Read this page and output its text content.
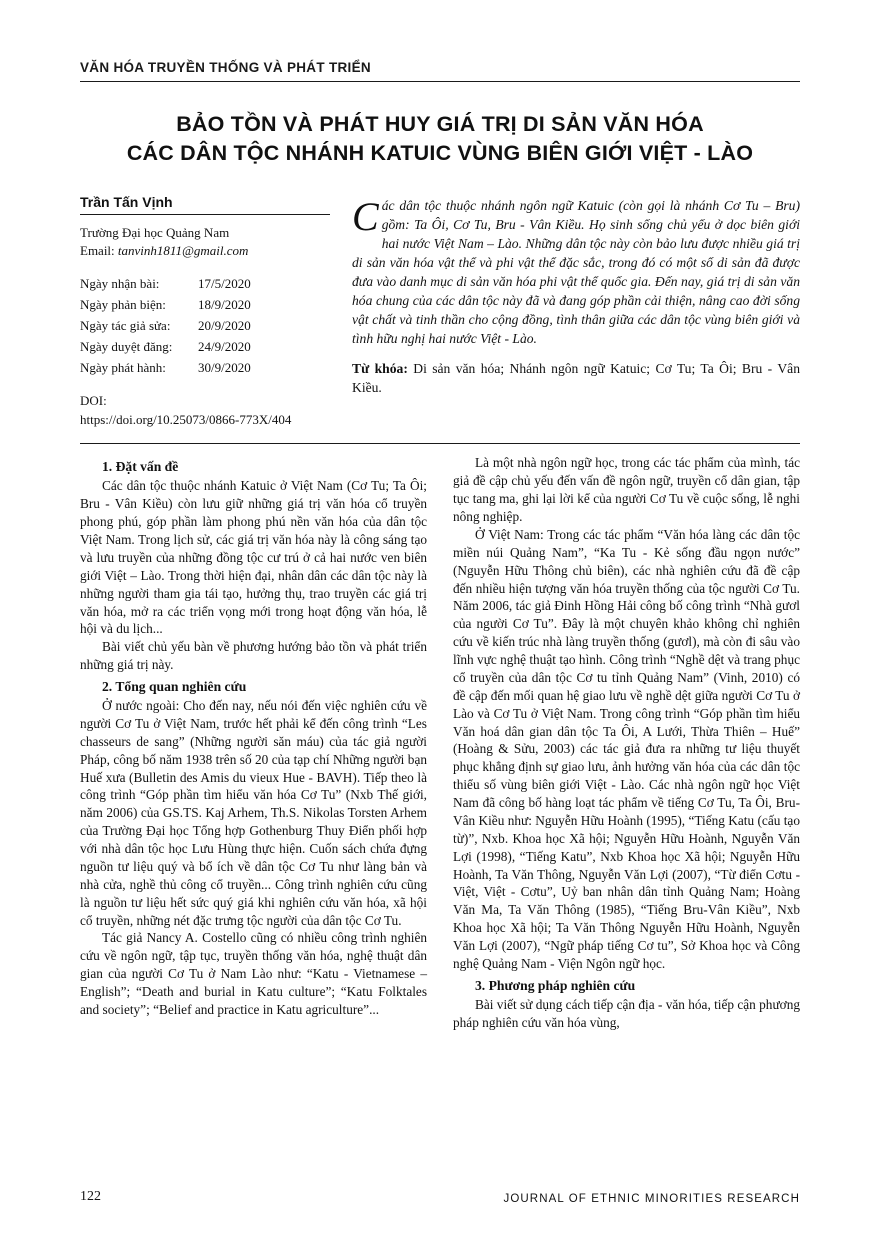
VĂN HÓA TRUYỀN THỐNG VÀ PHÁT TRIỂN
BẢO TỒN VÀ PHÁT HUY GIÁ TRỊ DI SẢN VĂN HÓA
CÁC DÂN TỘC NHÁNH KATUIC VÙNG BIÊN GIỚI VIỆT - LÀO
Trần Tấn Vịnh
Trường Đại học Quảng Nam
Email: tanvinh1811@gmail.com
Ngày nhận bài:	17/5/2020
Ngày phản biện:	18/9/2020
Ngày tác giả sửa:	20/9/2020
Ngày duyệt đăng:	24/9/2020
Ngày phát hành:	30/9/2020
DOI:
https://doi.org/10.25073/0866-773X/404
Các dân tộc thuộc nhánh ngôn ngữ Katuic (còn gọi là nhánh Cơ Tu – Bru) gồm: Ta Ôi, Cơ Tu, Bru - Vân Kiều. Họ sinh sống chủ yếu ở dọc biên giới hai nước Việt Nam – Lào. Những dân tộc này còn bảo lưu được nhiều giá trị di sản văn hóa vật thể và phi vật thể đặc sắc, trong đó có một số di sản đã được đưa vào danh mục di sản văn hóa phi vật thể quốc gia. Đến nay, giá trị di sản văn hóa chung của các dân tộc này đã và đang góp phần cải thiện, nâng cao đời sống vật chất và tinh thần cho cộng đồng, tình thân giữa các dân tộc vùng biên giới và tình hữu nghị hai nước Việt - Lào.
Từ khóa: Di sản văn hóa; Nhánh ngôn ngữ Katuic; Cơ Tu; Ta Ôi; Bru - Vân Kiều.
1. Đặt vấn đề

Các dân tộc thuộc nhánh Katuic ở Việt Nam (Cơ Tu; Ta Ôi; Bru - Vân Kiều) còn lưu giữ những giá trị văn hóa cổ truyền phong phú, góp phần làm phong phú nền văn hóa của dân tộc Việt Nam. Trong lịch sử, các giá trị văn hóa này là công sáng tạo và lưu truyền của những đồng tộc cư trú ở cả hai nước ven biên giới Việt – Lào. Trong thời hiện đại, nhân dân các dân tộc này là những người tham gia tái tạo, hưởng thụ, trao truyền các giá trị văn hóa, mở ra các triển vọng mới trong hoạt động văn hóa, lễ hội và du lịch...

Bài viết chủ yếu bàn về phương hướng bảo tồn và phát triển những giá trị này.

2. Tổng quan nghiên cứu

Ở nước ngoài: Cho đến nay, nếu nói đến việc nghiên cứu về người Cơ Tu ở Việt Nam, trước hết phải kể đến công trình “Les chasseurs de sang” (Những người săn máu) của tác giả người Pháp, công bố năm 1938 trên số 20 của tạp chí Những người bạn Huế xưa (Bulletin des Amis du vieux Hue - BAVH). Tiếp theo là công trình “Góp phần tìm hiểu văn hóa Cơ Tu” (Nxb Thế giới, năm 2006) của GS.TS. Kaj Arhem, Th.S. Nikolas Torsten Arhem của Trường Đại học Tổng hợp Gothenburg Thuy Điển phối hợp với nhà dân tộc học Lưu Hùng thực hiện. Cuốn sách chứa đựng nguồn tư liệu quý và bổ ích về dân tộc Cơ Tu như làng bản và nhà cửa, nghề thủ công cổ truyền... Công trình nghiên cứu cũng là nguồn tư liệu hết sức quý giá khi nghiên cứu văn hóa, xã hội cổ truyền, những nét đặc trưng tộc người của dân tộc Cơ Tu.

Tác giả Nancy A. Costello cũng có nhiều công trình nghiên cứu về ngôn ngữ, tập tục, truyền thống văn hóa, nghệ thuật dân gian của người Cơ Tu ở Nam Lào như: “Katu - Vietnamese – English”; “Death and burial in Katu culture”; “Katu Folktales and society”; “Belief and practice in Katu agriculture”...

Là một nhà ngôn ngữ học, trong các tác phẩm của mình, tác giả đề cập chủ yếu đến vấn đề ngôn ngữ, truyền cổ dân gian, tập tục tang ma, ghi lại lời kể của người Cơ Tu về cuộc sống, lễ nghi nông nghiệp.

Ở Việt Nam: Trong các tác phẩm “Văn hóa làng các dân tộc miền núi Quảng Nam”, “Ka Tu - Kẻ sống đầu ngọn nước” (Nguyễn Hữu Thông chủ biên), các nhà nghiên cứu đã đề cập đến nhiều hiện tượng văn hóa truyền thống của tộc người Cơ Tu. Năm 2006, tác giả Đinh Hồng Hải công bố công trình “Nhà gươl của người Cơ Tu”. Đây là một chuyên khảo không chỉ nghiên cứu về kiến trúc nhà làng truyền thống (gươl), mà còn đi sâu vào lĩnh vực nghệ thuật tạo hình. Công trình “Nghề dệt và trang phục cổ truyền của dân tộc Cơ tu tỉnh Quảng Nam” (Vinh, 2010) có đề cập đến mối quan hệ giao lưu về nghề dệt giữa người Cơ Tu ở Lào và Cơ Tu ở Việt Nam. Trong công trình “Góp phần tìm hiểu Văn hoá dân gian dân tộc Ta Ôi, A Lưới, Thừa Thiên – Huế” (Hoàng & Sửu, 2003) các tác giả đưa ra những tư liệu thuyết phục khẳng định sự giao lưu, ảnh hưởng văn hóa của các dân tộc thiểu số vùng biên giới Việt - Lào. Các nhà ngôn ngữ học Việt Nam đã công bố hàng loạt tác phẩm về tiếng Cơ Tu, Ta Ôi, Bru-Vân Kiều như: Nguyễn Hữu Hoành (1995), “Tiếng Katu (cấu tạo từ)”, Nxb. Khoa học Xã hội; Nguyễn Hữu Hoành, Nguyễn Văn Lợi (1998), “Tiếng Katu”, Nxb Khoa học Xã hội; Nguyễn Hữu Hoành, Ta Văn Thông, Nguyễn Văn Lợi (2007), “Từ điển Cơtu - Việt, Việt - Cơtu”, Uỷ ban nhân dân tỉnh Quảng Nam; Hoàng Văn Ma, Ta Văn Thông (1985), “Tiếng Bru-Vân Kiều”, Nxb Khoa học Xã hội; Ta Văn Thông Nguyễn Hữu Hoành, Nguyễn Văn Lợi (2007), “Ngữ pháp tiếng Cơ tu”, Sở Khoa học và Công nghệ Quảng Nam - Viện Ngôn ngữ học.

3. Phương pháp nghiên cứu

Bài viết sử dụng cách tiếp cận địa - văn hóa, tiếp cận phương pháp nghiên cứu văn hóa vùng,

122	JOURNAL OF ETHNIC MINORITIES RESEARCH
